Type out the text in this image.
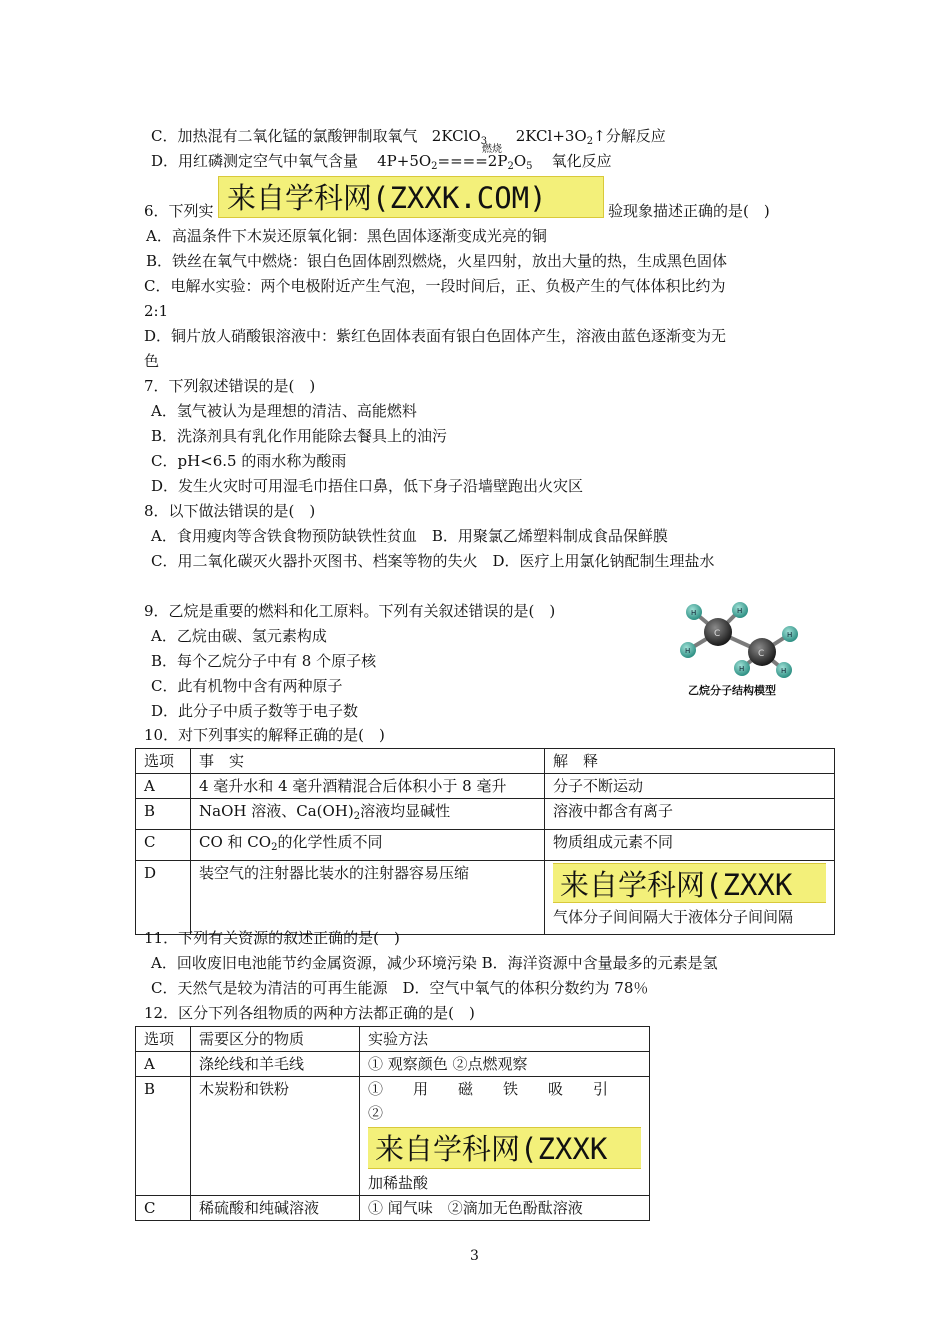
C．加热混有二氧化锰的氯酸钾制取氧气 2KClO$_3$ $2KCl+3O_2↑$分解反应
燃烧
D．用红磷测定空气中氧气含量 $4P+5O_2====2P_2O_5$ 氧化反应
6．下列实 来自学科网(ZXXK.COM)	验现象描述正确的是(　)
A．高温条件下木炭还原氧化铜：黑色固体逐渐变成光亮的铜
B．铁丝在氧气中燃烧：银白色固体剧烈燃烧，火星四射，放出大量的热，生成黑色固体
C．电解水实验：两个电极附近产生气泡，一段时间后，正、负极产生的气体体积比约为
2:1
D．铜片放人硝酸银溶液中：紫红色固体表面有银白色固体产生，溶液由蓝色逐渐变为无
色
7．下列叙述错误的是(　)
A．氢气被认为是理想的清洁、高能燃料
B．洗涤剂具有乳化作用能除去餐具上的油污
C．pH<6.5 的雨水称为酸雨
D．发生火灾时可用湿毛巾捂住口鼻，低下身子沿墙壁跑出火灾区
8．以下做法错误的是(　)
A．食用瘦肉等含铁食物预防缺铁性贫血　B．用聚氯乙烯塑料制成食品保鲜膜
C．用二氧化碳灭火器扑灭图书、档案等物的失火　D．医疗上用氯化钠配制生理盐水
9．乙烷是重要的燃料和化工原料。下列有关叙述错误的是(　)
A．乙烷由碳、氢元素构成
B．每个乙烷分子中有 8 个原子核
C．此有机物中含有两种原子
D．此分子中质子数等于电子数
C
C
H	H
H
H
H
H
乙烷分子结构模型
10．对下列事实的解释正确的是(　)
选项	事　实	解　释
A	4 毫升水和 4 毫升酒精混合后体积小于 8 毫升	分子不断运动
B	NaOH 溶液、$Ca(OH)_2$溶液均显碱性	溶液中都含有离子
C	CO 和 $CO_2$的化学性质不同	物质组成元素不同
D	装空气的注射器比装水的注射器容易压缩	来自学科网(ZXXK
气体分子间间隔大于液体分子间间隔
11．下列有关资源的叙述正确的是(　)
A．回收废旧电池能节约金属资源，减少环境污染 B．海洋资源中含量最多的元素是氢
C．天然气是较为清洁的可再生能源　D．空气中氧气的体积分数约为 78％
12．区分下列各组物质的两种方法都正确的是(　)
选项	需要区分的物质	实验方法
A	涤纶线和羊毛线	① 观察颜色 ②点燃观察
B	木炭粉和铁粉	①　　用　　磁　　铁　　吸　　引　　②
来自学科网(ZXXK
加稀盐酸

C	稀硫酸和纯碱溶液	① 闻气味　②滴加无色酚酞溶液
3
